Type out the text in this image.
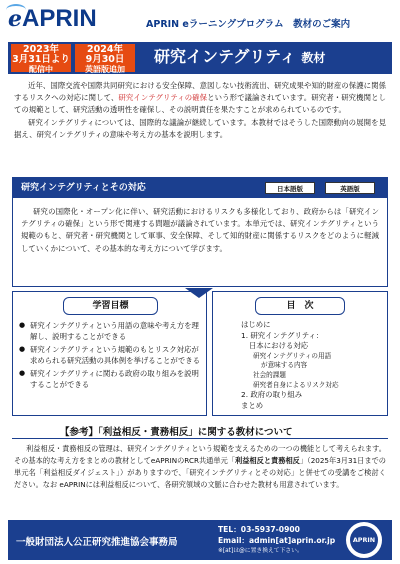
e APRIN	APRIN eラーニングプログラム　教材のご案内
2023年
3月31日より
配信中
2024年
9月30日
英語版追加
研究インテグリティ 教材

近年、国際交流や国際共同研究における安全保障、意図しない技術流出、研究成果や知的財産の保護に関係するリスクへの対応に関して、研究インテグリティの確保という形で議論されています。研究者・研究機関としての規範として、研究活動の透明性を確保し、その説明責任を果たすことが求められているのです。

研究インテグリティについては、国際的な議論が継続しています。本教材ではそうした国際動向の展開を見据え、研究インテグリティの意味や考え方の基本を説明します。

研究インテグリティとその対応	日本語版	英語版
研究の国際化・オープン化に伴い、研究活動におけるリスクも多様化しており、政府からは「研究インテグリティの確保」という形で関連する問題が議論されています。本単元では、研究インテグリティという規範のもと、研究者・研究機関として軍事、安全保障、そして知的財産に関係するリスクをどのように軽減していくかについて、その基本的な考え方について学びます。
学習目標
● 研究インテグリティという用語の意味や考え方を理解し、説明することができる
● 研究インテグリティという規範のもとリスク対応が求められる研究活動の具体例を挙げることができる
● 研究インテグリティに関わる政府の取り組みを説明することができる
目　次
はじめに
1. 研究インテグリティ：
日本における対応
研究インテグリティの用語
が意味する内容
社会的課題
研究者自身によるリスク対応
2. 政府の取り組み
まとめ
【参考】「利益相反・責務相反」に関する教材について
利益相反・責務相反の管理は、研究インテグリティという規範を支えるための一つの機能として考えられます。その基本的な考え方をまとめの教材としてeAPRINのRCR共通単元「利益相反と責務相反」（2025年3月31日までの単元名「利益相反ダイジェスト」）がありますので、「研究インテグリティとその対応」と併せての受講をご検討ください。なお eAPRINには利益相反について、各研究領域の文脈に合わせた教材も用意されています。
一般財団法人公正研究推進協会事務局
TEL：03-5937-0900
Email：admin[at]aprin.or.jp
※[at]は@に置き換えて下さい。
APRIN
